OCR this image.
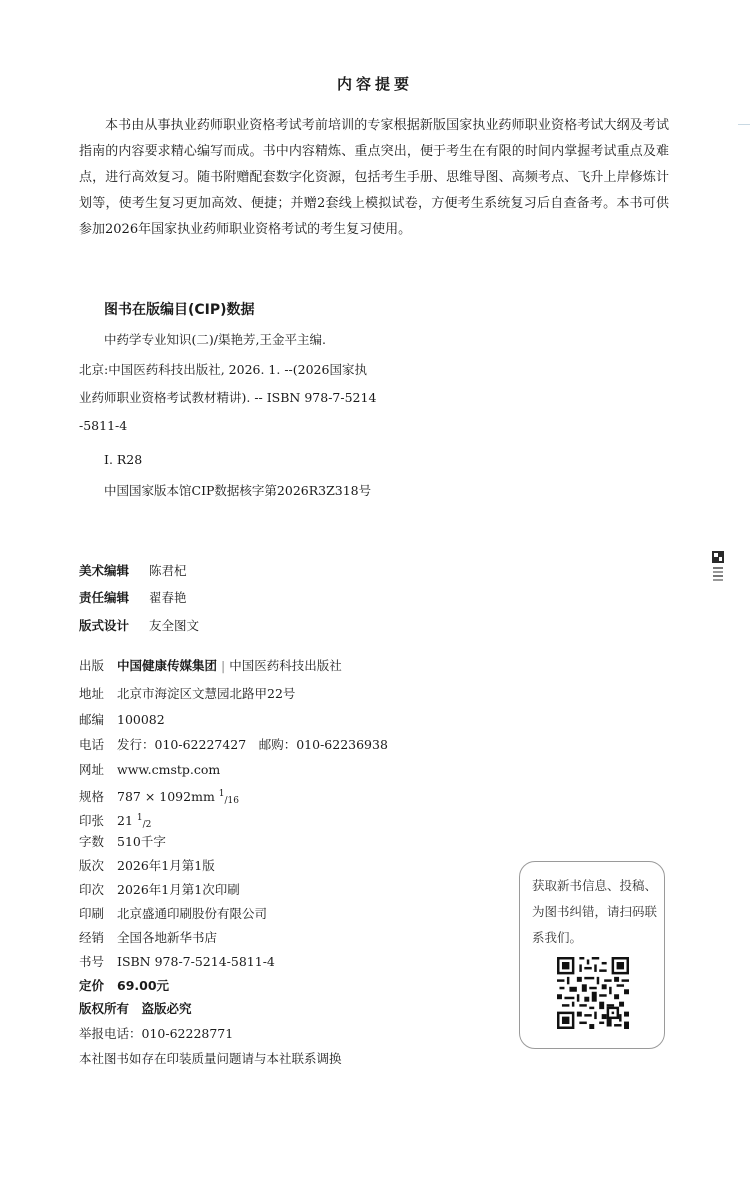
内容提要
本书由从事执业药师职业资格考试考前培训的专家根据新版国家执业药师职业资格考试大纲及考试指南的内容要求精心编写而成。书中内容精炼、重点突出，便于考生在有限的时间内掌握考试重点及难点，进行高效复习。随书附赠配套数字化资源，包括考生手册、思维导图、高频考点、飞升上岸修炼计划等，使考生复习更加高效、便捷；并赠2套线上模拟试卷，方便考生系统复习后自查备考。本书可供参加2026年国家执业药师职业资格考试的考生复习使用。
图书在版编目(CIP)数据
中药学专业知识(二)/渠艳芳,王金平主编.
北京:中国医药科技出版社, 2026. 1. --(2026国家执
业药师职业资格考试教材精讲). -- ISBN 978-7-5214
-5811-4
Ⅰ. R28
中国国家版本馆CIP数据核字第2026R3Z318号
美术编辑 陈君杞
责任编辑 翟春艳
版式设计 友全图文
出版 中国健康传媒集团 | 中国医药科技出版社
地址 北京市海淀区文慧园北路甲22号
邮编 100082
电话 发行：010-62227427　邮购：010-62236938
网址 www.cmstp.com
规格 787 × 1092mm $^1$/16
印张 21 $^1$/2
字数 510千字
版次 2026年1月第1版
印次 2026年1月第1次印刷
印刷 北京盛通印刷股份有限公司
经销 全国各地新华书店
书号 ISBN 978-7-5214-5811-4
定价 69.00元
版权所有　盗版必究
举报电话：010-62228771
本社图书如存在印装质量问题请与本社联系调换
获取新书信息、投稿、为图书纠错，请扫码联系我们。
